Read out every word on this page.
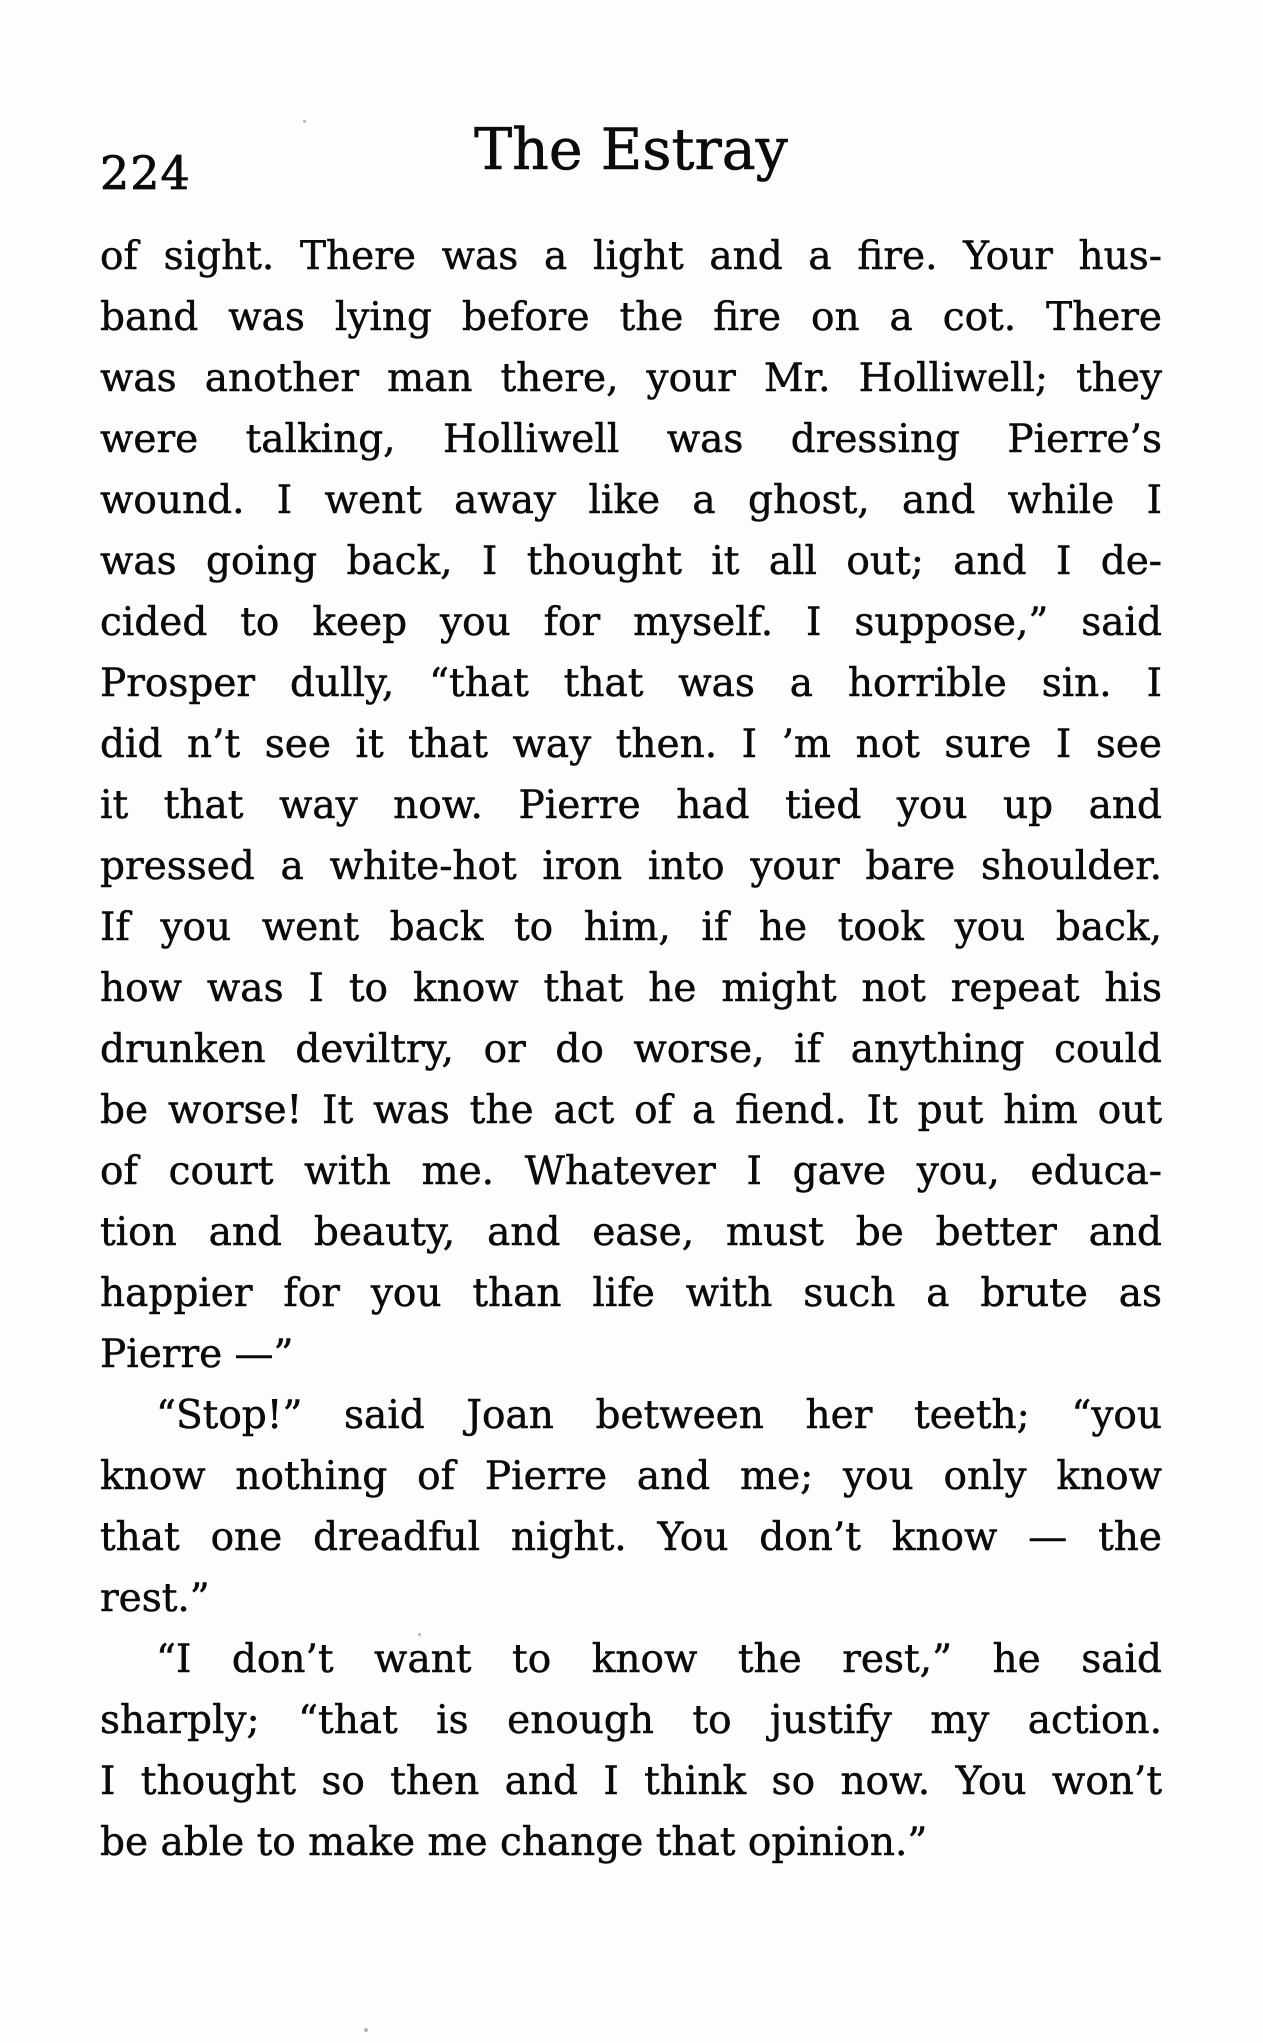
224	The Estray
of sight. There was a light and a fire. Your hus-
band was lying before the fire on a cot. There
was another man there, your Mr. Holliwell; they
were talking, Holliwell was dressing Pierre’s
wound. I went away like a ghost, and while I
was going back, I thought it all out; and I de-
cided to keep you for myself. I suppose,” said
Prosper dully, “that that was a horrible sin. I
did n’t see it that way then. I ’m not sure I see
it that way now. Pierre had tied you up and
pressed a white-hot iron into your bare shoulder.
If you went back to him, if he took you back,
how was I to know that he might not repeat his
drunken deviltry, or do worse, if anything could
be worse! It was the act of a fiend. It put him out
of court with me. Whatever I gave you, educa-
tion and beauty, and ease, must be better and
happier for you than life with such a brute as
Pierre —”
“Stop!” said Joan between her teeth; “you
know nothing of Pierre and me; you only know
that one dreadful night. You don’t know — the
rest.”
“I don’t want to know the rest,” he said
sharply; “that is enough to justify my action.
I thought so then and I think so now. You won’t
be able to make me change that opinion.”
